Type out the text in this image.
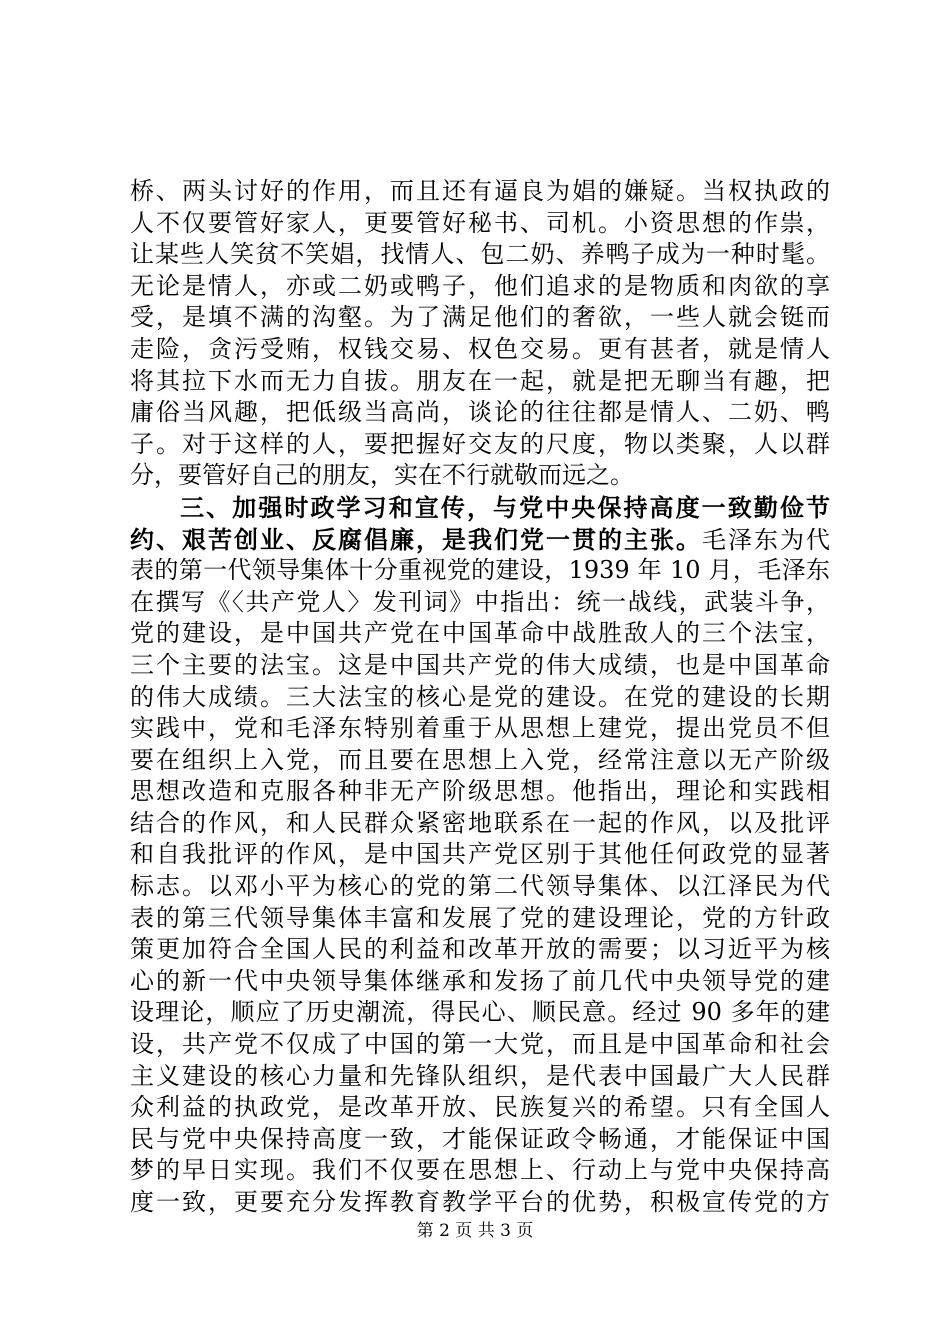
桥、两头讨好的作用，而且还有逼良为娼的嫌疑。当权执政的
人不仅要管好家人，更要管好秘书、司机。小资思想的作祟，
让某些人笑贫不笑娼，找情人、包二奶、养鸭子成为一种时髦。
无论是情人，亦或二奶或鸭子，他们追求的是物质和肉欲的享
受，是填不满的沟壑。为了满足他们的奢欲，一些人就会铤而
走险，贪污受贿，权钱交易、权色交易。更有甚者，就是情人
将其拉下水而无力自拔。朋友在一起，就是把无聊当有趣，把
庸俗当风趣，把低级当高尚，谈论的往往都是情人、二奶、鸭
子。对于这样的人，要把握好交友的尺度，物以类聚，人以群
分，要管好自己的朋友，实在不行就敬而远之。
三、加强时政学习和宣传，与党中央保持高度一致勤俭节
约、艰苦创业、反腐倡廉，是我们党一贯的主张。毛泽东为代
表的第一代领导集体十分重视党的建设，1939 年 10 月，毛泽东
在撰写《〈共产党人〉发刊词》中指出：统一战线，武装斗争，
党的建设，是中国共产党在中国革命中战胜敌人的三个法宝，
三个主要的法宝。这是中国共产党的伟大成绩，也是中国革命
的伟大成绩。三大法宝的核心是党的建设。在党的建设的长期
实践中，党和毛泽东特别着重于从思想上建党，提出党员不但
要在组织上入党，而且要在思想上入党，经常注意以无产阶级
思想改造和克服各种非无产阶级思想。他指出，理论和实践相
结合的作风，和人民群众紧密地联系在一起的作风，以及批评
和自我批评的作风，是中国共产党区别于其他任何政党的显著
标志。以邓小平为核心的党的第二代领导集体、以江泽民为代
表的第三代领导集体丰富和发展了党的建设理论，党的方针政
策更加符合全国人民的利益和改革开放的需要；以习近平为核
心的新一代中央领导集体继承和发扬了前几代中央领导党的建
设理论，顺应了历史潮流，得民心、顺民意。经过 90 多年的建
设，共产党不仅成了中国的第一大党，而且是中国革命和社会
主义建设的核心力量和先锋队组织，是代表中国最广大人民群
众利益的执政党，是改革开放、民族复兴的希望。只有全国人
民与党中央保持高度一致，才能保证政令畅通，才能保证中国
梦的早日实现。我们不仅要在思想上、行动上与党中央保持高
度一致，更要充分发挥教育教学平台的优势，积极宣传党的方
第 2 页 共 3 页
